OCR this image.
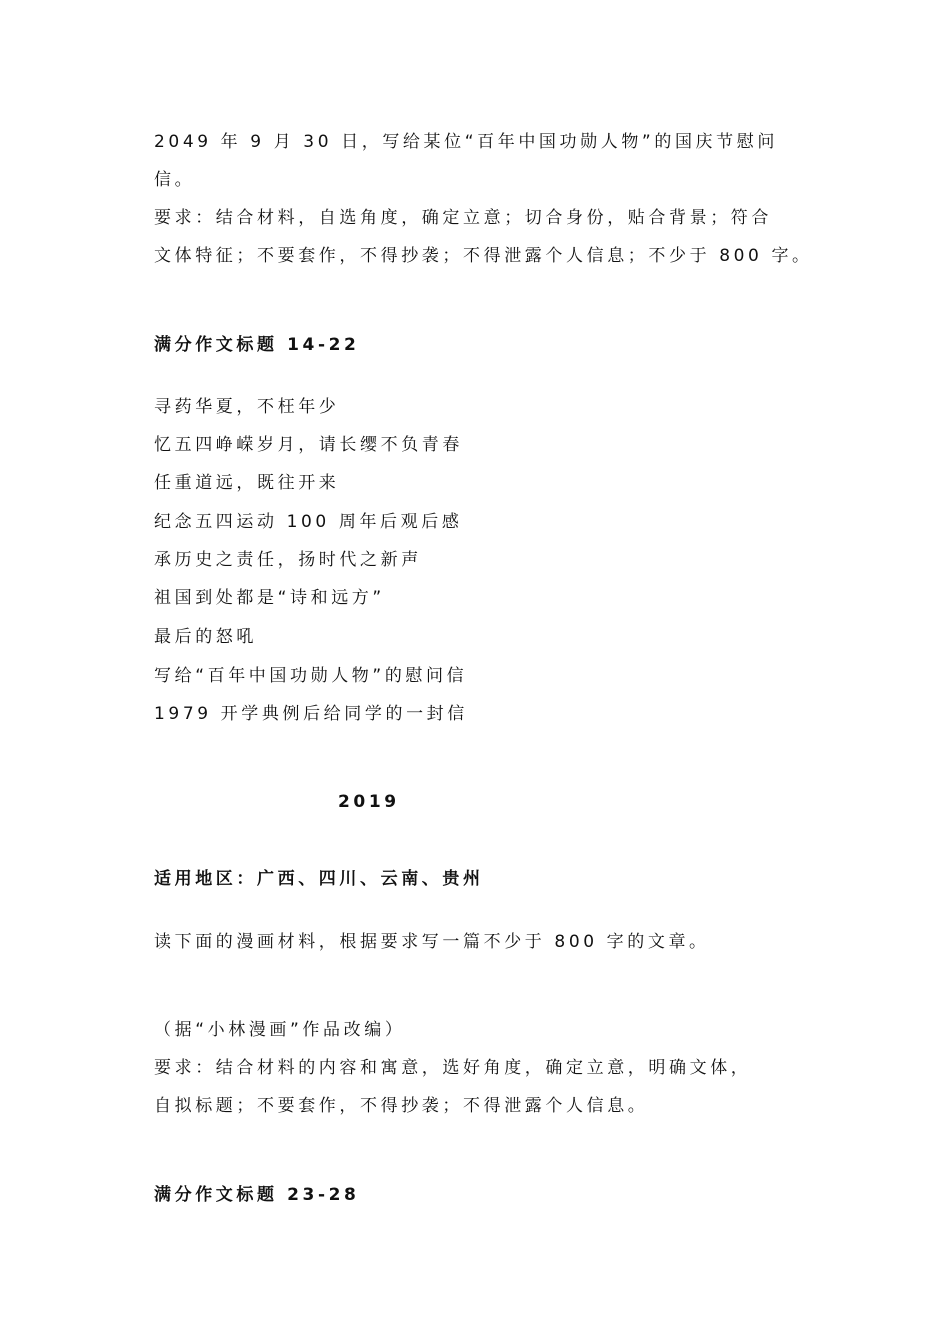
2049 年 9 月 30 日，写给某位“百年中国功勋人物”的国庆节慰问
信。
要求：结合材料，自选角度，确定立意；切合身份，贴合背景；符合
文体特征；不要套作，不得抄袭；不得泄露个人信息；不少于 800 字。
满分作文标题 14-22
寻药华夏，不枉年少
忆五四峥嵘岁月，请长缨不负青春
任重道远，既往开来
纪念五四运动 100 周年后观后感
承历史之责任，扬时代之新声
祖国到处都是“诗和远方”
最后的怒吼
写给“百年中国功勋人物”的慰问信
1979 开学典例后给同学的一封信
2019
适用地区：广西、四川、云南、贵州
读下面的漫画材料，根据要求写一篇不少于 800 字的文章。
（据“小林漫画”作品改编）
要求：结合材料的内容和寓意，选好角度，确定立意，明确文体，
自拟标题；不要套作，不得抄袭；不得泄露个人信息。
满分作文标题 23-28
